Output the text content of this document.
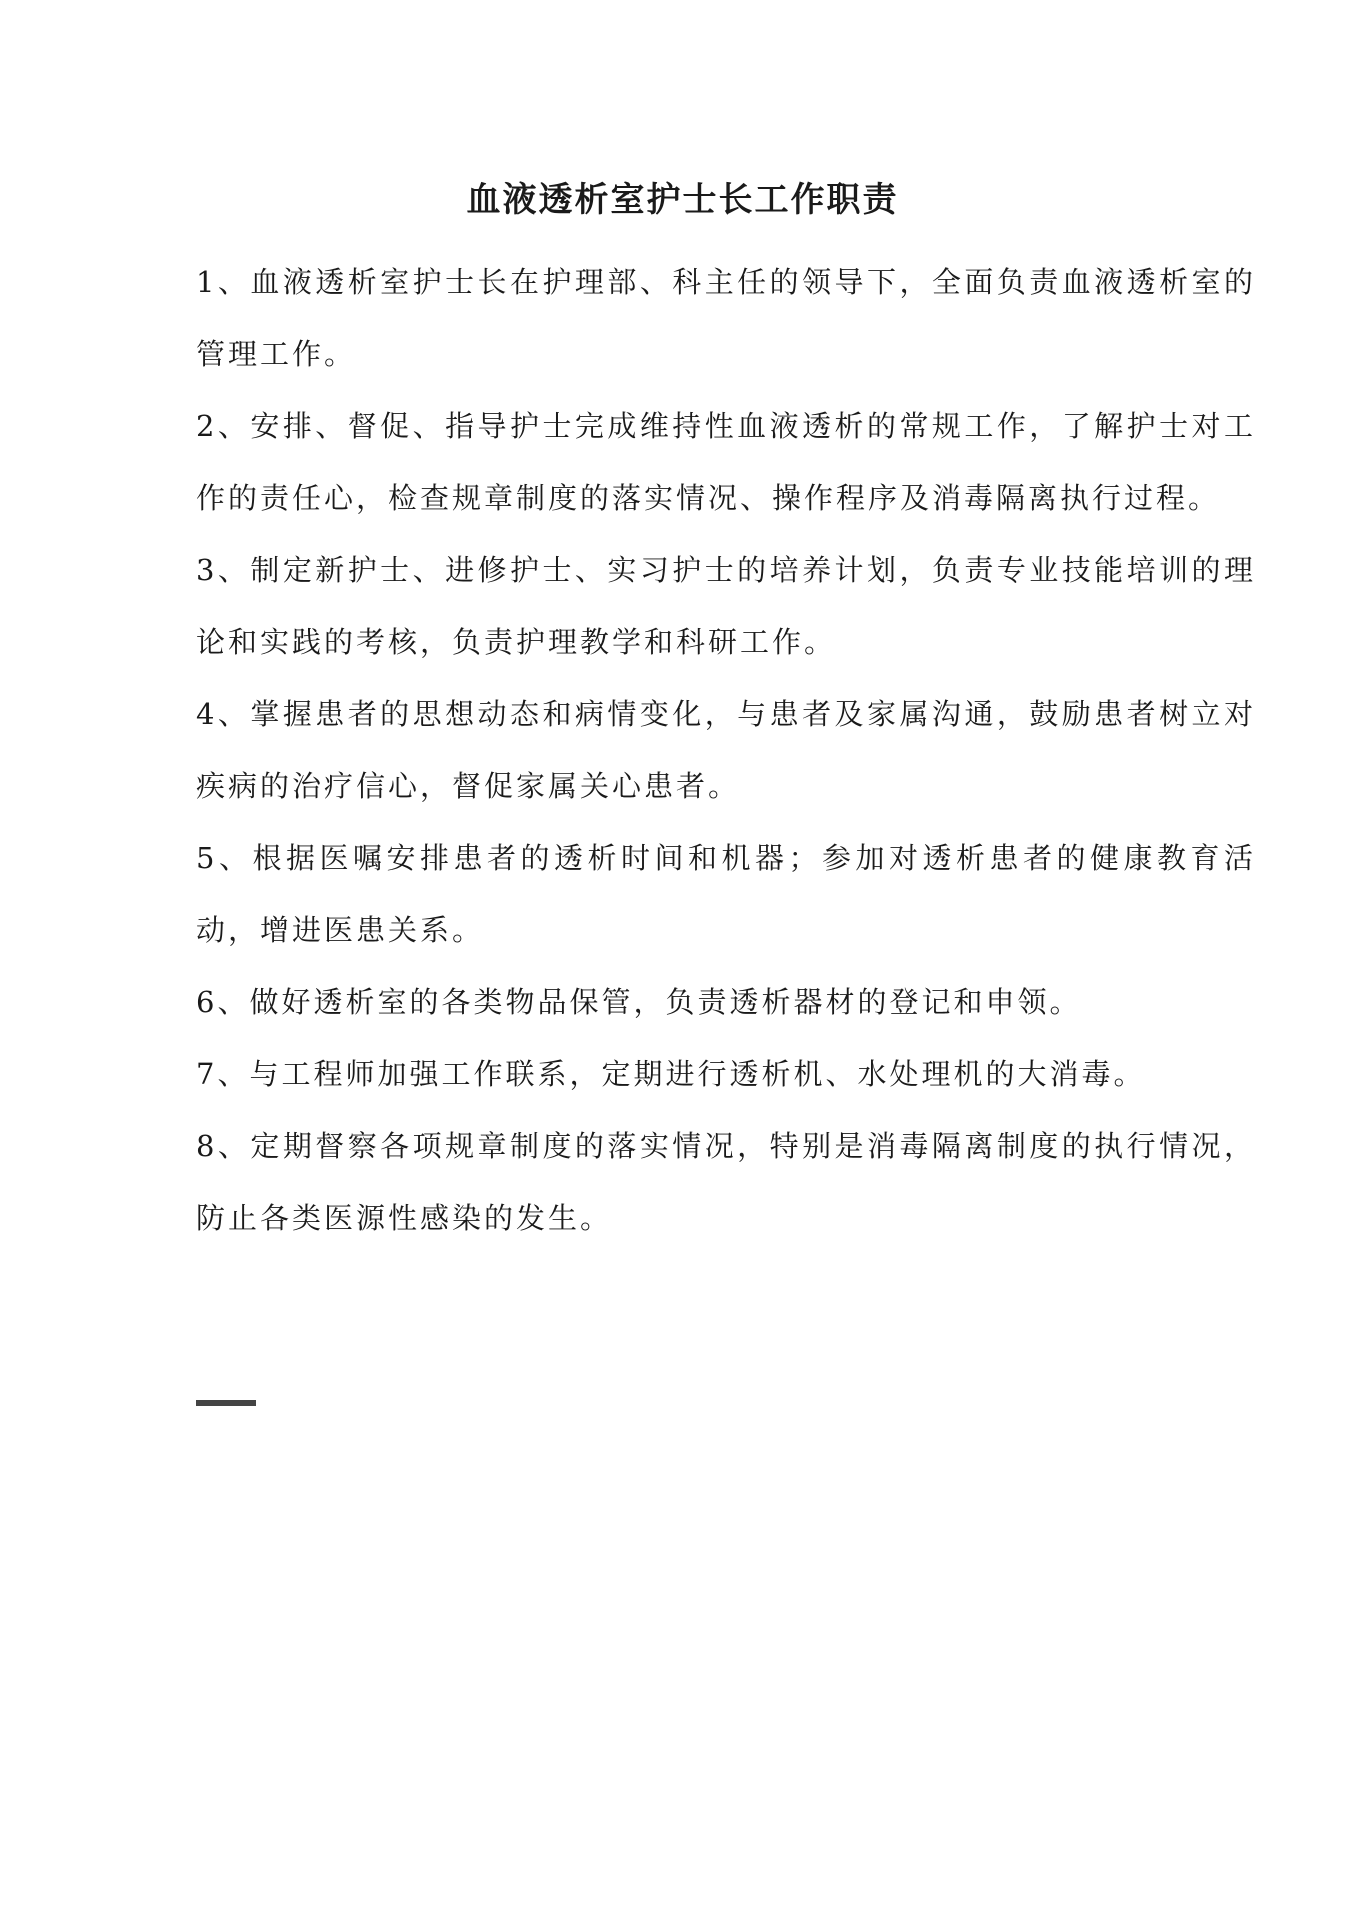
血液透析室护士长工作职责

1、血液透析室护士长在护理部、科主任的领导下，全面负责血液透析室的管理工作。

2、安排、督促、指导护士完成维持性血液透析的常规工作，了解护士对工作的责任心，检查规章制度的落实情况、操作程序及消毒隔离执行过程。

3、制定新护士、进修护士、实习护士的培养计划，负责专业技能培训的理论和实践的考核，负责护理教学和科研工作。

4、掌握患者的思想动态和病情变化，与患者及家属沟通，鼓励患者树立对疾病的治疗信心，督促家属关心患者。

5、根据医嘱安排患者的透析时间和机器；参加对透析患者的健康教育活动，增进医患关系。

6、做好透析室的各类物品保管，负责透析器材的登记和申领。

7、与工程师加强工作联系，定期进行透析机、水处理机的大消毒。

8、定期督察各项规章制度的落实情况，特别是消毒隔离制度的执行情况，防止各类医源性感染的发生。
